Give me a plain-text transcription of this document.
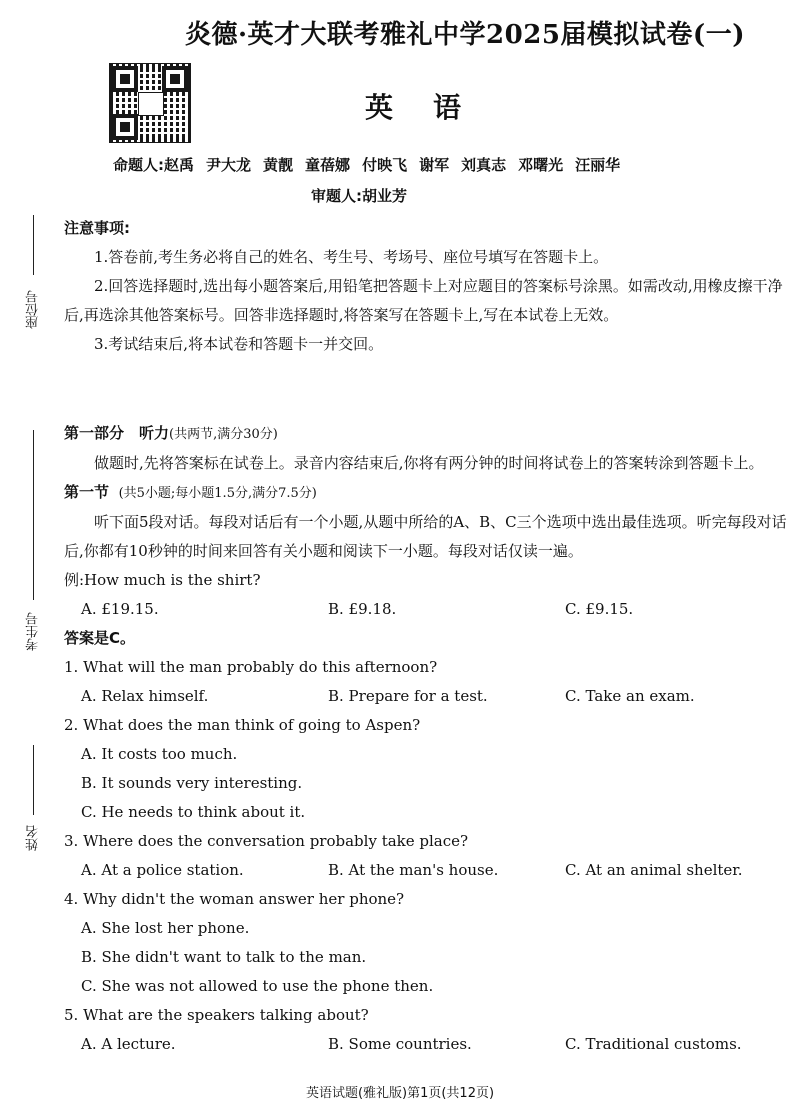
炎德·英才大联考雅礼中学2025届模拟试卷(一)
英语
命题人:赵禹 尹大龙 黄靓 童蓓娜 付映飞 谢军 刘真志 邓曙光 汪丽华
审题人:胡业芳
座位号
考生号
姓名

注意事项:

1.答卷前,考生务必将自己的姓名、考生号、考场号、座位号填写在答题卡上。

2.回答选择题时,选出每小题答案后,用铅笔把答题卡上对应题目的答案标号涂黑。如需改动,用橡皮擦干净后,再选涂其他答案标号。回答非选择题时,将答案写在答题卡上,写在本试卷上无效。

3.考试结束后,将本试卷和答题卡一并交回。

第一部分　听力(共两节,满分30分)

做题时,先将答案标在试卷上。录音内容结束后,你将有两分钟的时间将试卷上的答案转涂到答题卡上。

第一节 (共5小题;每小题1.5分,满分7.5分)

听下面5段对话。每段对话后有一个小题,从题中所给的A、B、C三个选项中选出最佳选项。听完每段对话后,你都有10秒钟的时间来回答有关小题和阅读下一小题。每段对话仅读一遍。

例:How much is the shirt?

A. £19.15.	B. £9.18.	C. £9.15.

答案是C。

1. What will the man probably do this afternoon?

A. Relax himself.	B. Prepare for a test.	C. Take an exam.

2. What does the man think of going to Aspen?

A. It costs too much.

B. It sounds very interesting.

C. He needs to think about it.

3. Where does the conversation probably take place?

A. At a police station.	B. At the man's house.	C. At an animal shelter.

4. Why didn't the woman answer her phone?

A. She lost her phone.

B. She didn't want to talk to the man.

C. She was not allowed to use the phone then.

5. What are the speakers talking about?

A. A lecture.	B. Some countries.	C. Traditional customs.
英语试题(雅礼版)第1页(共12页)
